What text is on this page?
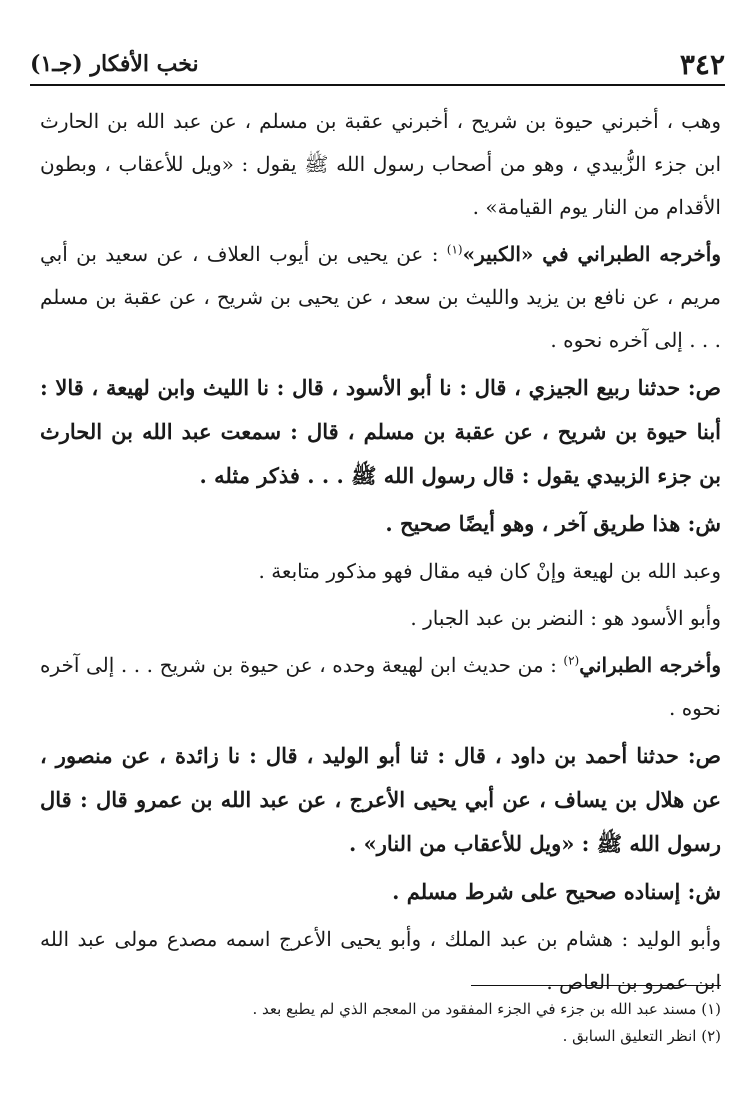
٣٤٢
نخب الأفكار (جـ١)

وهب ، أخبرني حيوة بن شريح ، أخبرني عقبة بن مسلم ، عن عبد الله بن الحارث ابن جزء الزُّبيدي ، وهو من أصحاب رسول الله ﷺ يقول : «ويل للأعقاب ، وبطون الأقدام من النار يوم القيامة» .

وأخرجه الطبراني في «الكبير»$^{(١)}$ : عن يحيى بن أيوب العلاف ، عن سعيد بن أبي مريم ، عن نافع بن يزيد والليث بن سعد ، عن يحيى بن شريح ، عن عقبة بن مسلم . . . إلى آخره نحوه .

ص: حدثنا ربيع الجيزي ، قال : نا أبو الأسود ، قال : نا الليث وابن لهيعة ، قالا : أبنا حيوة بن شريح ، عن عقبة بن مسلم ، قال : سمعت عبد الله بن الحارث بن جزء الزبيدي يقول : قال رسول الله ﷺ . . . فذكر مثله .

ش: هذا طريق آخر ، وهو أيضًا صحيح .

وعبد الله بن لهيعة وإنْ كان فيه مقال فهو مذكور متابعة .

وأبو الأسود هو : النضر بن عبد الجبار .

وأخرجه الطبراني$^{(٢)}$ : من حديث ابن لهيعة وحده ، عن حيوة بن شريح . . . إلى آخره نحوه .

ص: حدثنا أحمد بن داود ، قال : ثنا أبو الوليد ، قال : نا زائدة ، عن منصور ، عن هلال بن يساف ، عن أبي يحيى الأعرج ، عن عبد الله بن عمرو قال : قال رسول الله ﷺ : «ويل للأعقاب من النار» .

ش: إسناده صحيح على شرط مسلم .

وأبو الوليد : هشام بن عبد الملك ، وأبو يحيى الأعرج اسمه مصدع مولى عبد الله ابن عمرو بن العاص .

(١) مسند عبد الله بن جزء في الجزء المفقود من المعجم الذي لم يطبع بعد .

(٢) انظر التعليق السابق .
